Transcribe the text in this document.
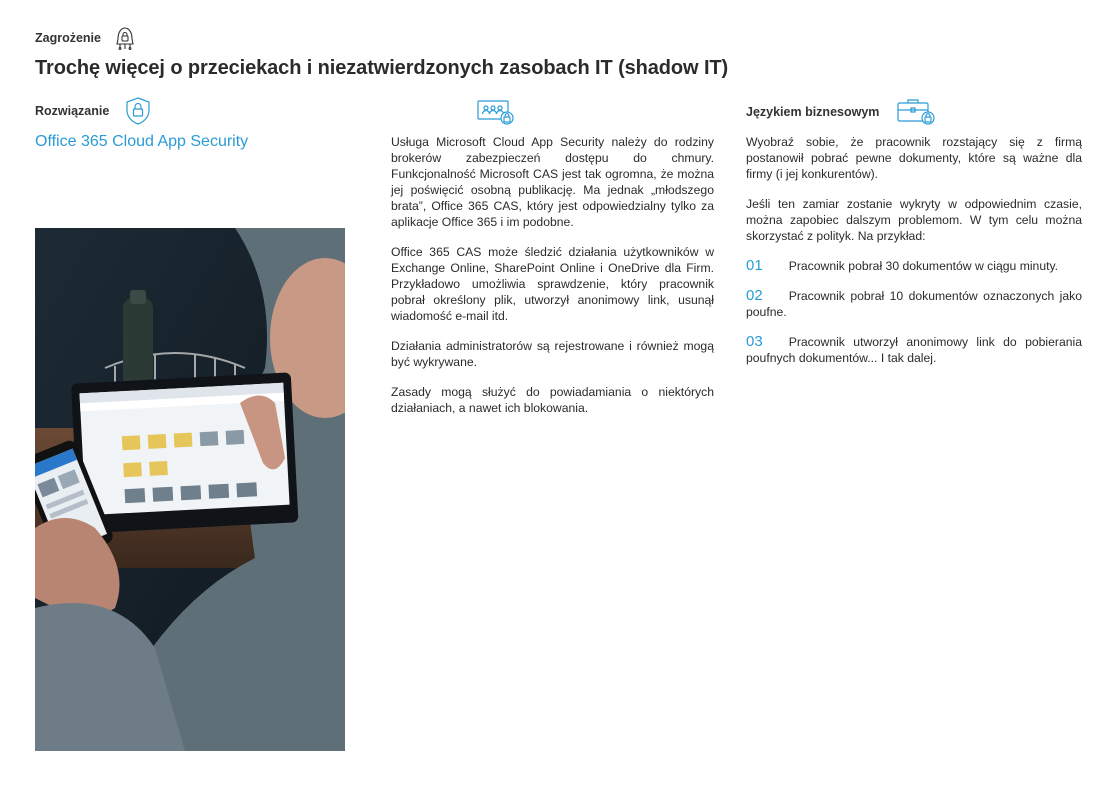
Zagrożenie
Trochę więcej o przeciekach i niezatwierdzonych zasobach IT (shadow IT)
Rozwiązanie
Office 365 Cloud App Security	Usługa Microsoft Cloud App Security należy do rodziny brokerów zabezpieczeń dostępu do chmury. Funkcjonalność Microsoft CAS jest tak ogromna, że można jej poświęcić osobną publikację. Ma jednak „młodszego brata”, Office 365 CAS, który jest odpowiedzialny tylko za aplikacje Office 365 i im podobne.

Office 365 CAS może śledzić działania użytkowników w Exchange Online, SharePoint Online i OneDrive dla Firm. Przykładowo umożliwia sprawdzenie, który pracownik pobrał określony plik, utworzył anonimowy link, usunął wiadomość e-mail itd.

Działania administratorów są rejestrowane i również mogą być wykrywane.

Zasady mogą służyć do powiadamiania o niektórych działaniach, a nawet ich blokowania.

Językiem biznesowym

Wyobraź sobie, że pracownik rozstający się z firmą postanowił pobrać pewne dokumenty, które są ważne dla firmy (i jej konkurentów).

Jeśli ten zamiar zostanie wykryty w odpowiednim czasie, można zapobiec dalszym problemom. W tym celu można skorzystać z polityk. Na przykład:

01 Pracownik pobrał 30 dokumentów w ciągu minuty.
02 Pracownik pobrał 10 dokumentów oznaczonych jako poufne.
03 Pracownik utworzył anonimowy link do pobierania poufnych dokumentów... I tak dalej.
